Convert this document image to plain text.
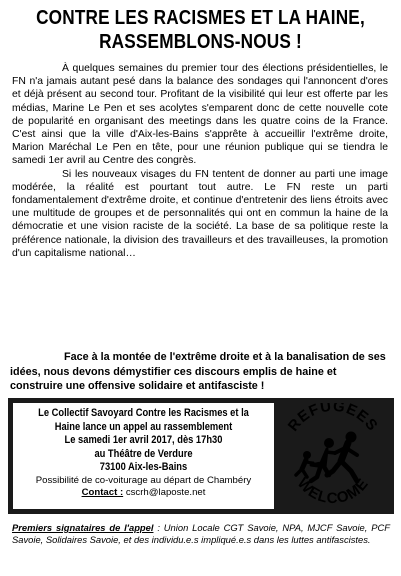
CONTRE LES RACISMES ET LA HAINE,
RASSEMBLONS-NOUS !

À quelques semaines du premier tour des élections présidentielles, le FN n'a jamais autant pesé dans la balance des sondages qui l'annoncent d'ores et déjà présent au second tour. Profitant de la visibilité qui leur est offerte par les médias, Marine Le Pen et ses acolytes s'emparent donc de cette nouvelle cote de popularité en organisant des meetings dans les quatre coins de la France. C'est ainsi que la ville d'Aix-les-Bains s'apprête à accueillir l'extrême droite, Marion Maréchal Le Pen en tête, pour une réunion publique qui se tiendra le samedi 1er avril au Centre des congrès.

Si les nouveaux visages du FN tentent de donner au parti une image modérée, la réalité est pourtant tout autre. Le FN reste un parti fondamentalement d'extrême droite, et continue d'entretenir des liens étroits avec une multitude de groupes et de personnalités qui ont en commun la haine de la démocratie et une vision raciste de la société. La base de sa politique reste la préférence nationale, la division des travailleurs et des travailleuses, la promotion d'un capitalisme national…

Face à la montée de l'extrême droite et à la banalisation de ses idées, nous devons démystifier ces discours emplis de haine et construire une offensive solidaire et antifasciste !

Le Collectif Savoyard Contre les Racismes et la
Haine lance un appel au rassemblement
Le samedi 1er avril 2017, dès 17h30
au Théâtre de Verdure
73100 Aix-les-Bains
Possibilité de co-voiturage au départ de Chambéry
Contact : cscrh@laposte.net
REFUGEES
WELCOME
Premiers signataires de l'appel : Union Locale CGT Savoie, NPA, MJCF Savoie, PCF Savoie, Solidaires Savoie, et des individu.e.s impliqué.e.s dans les luttes antifascistes.
